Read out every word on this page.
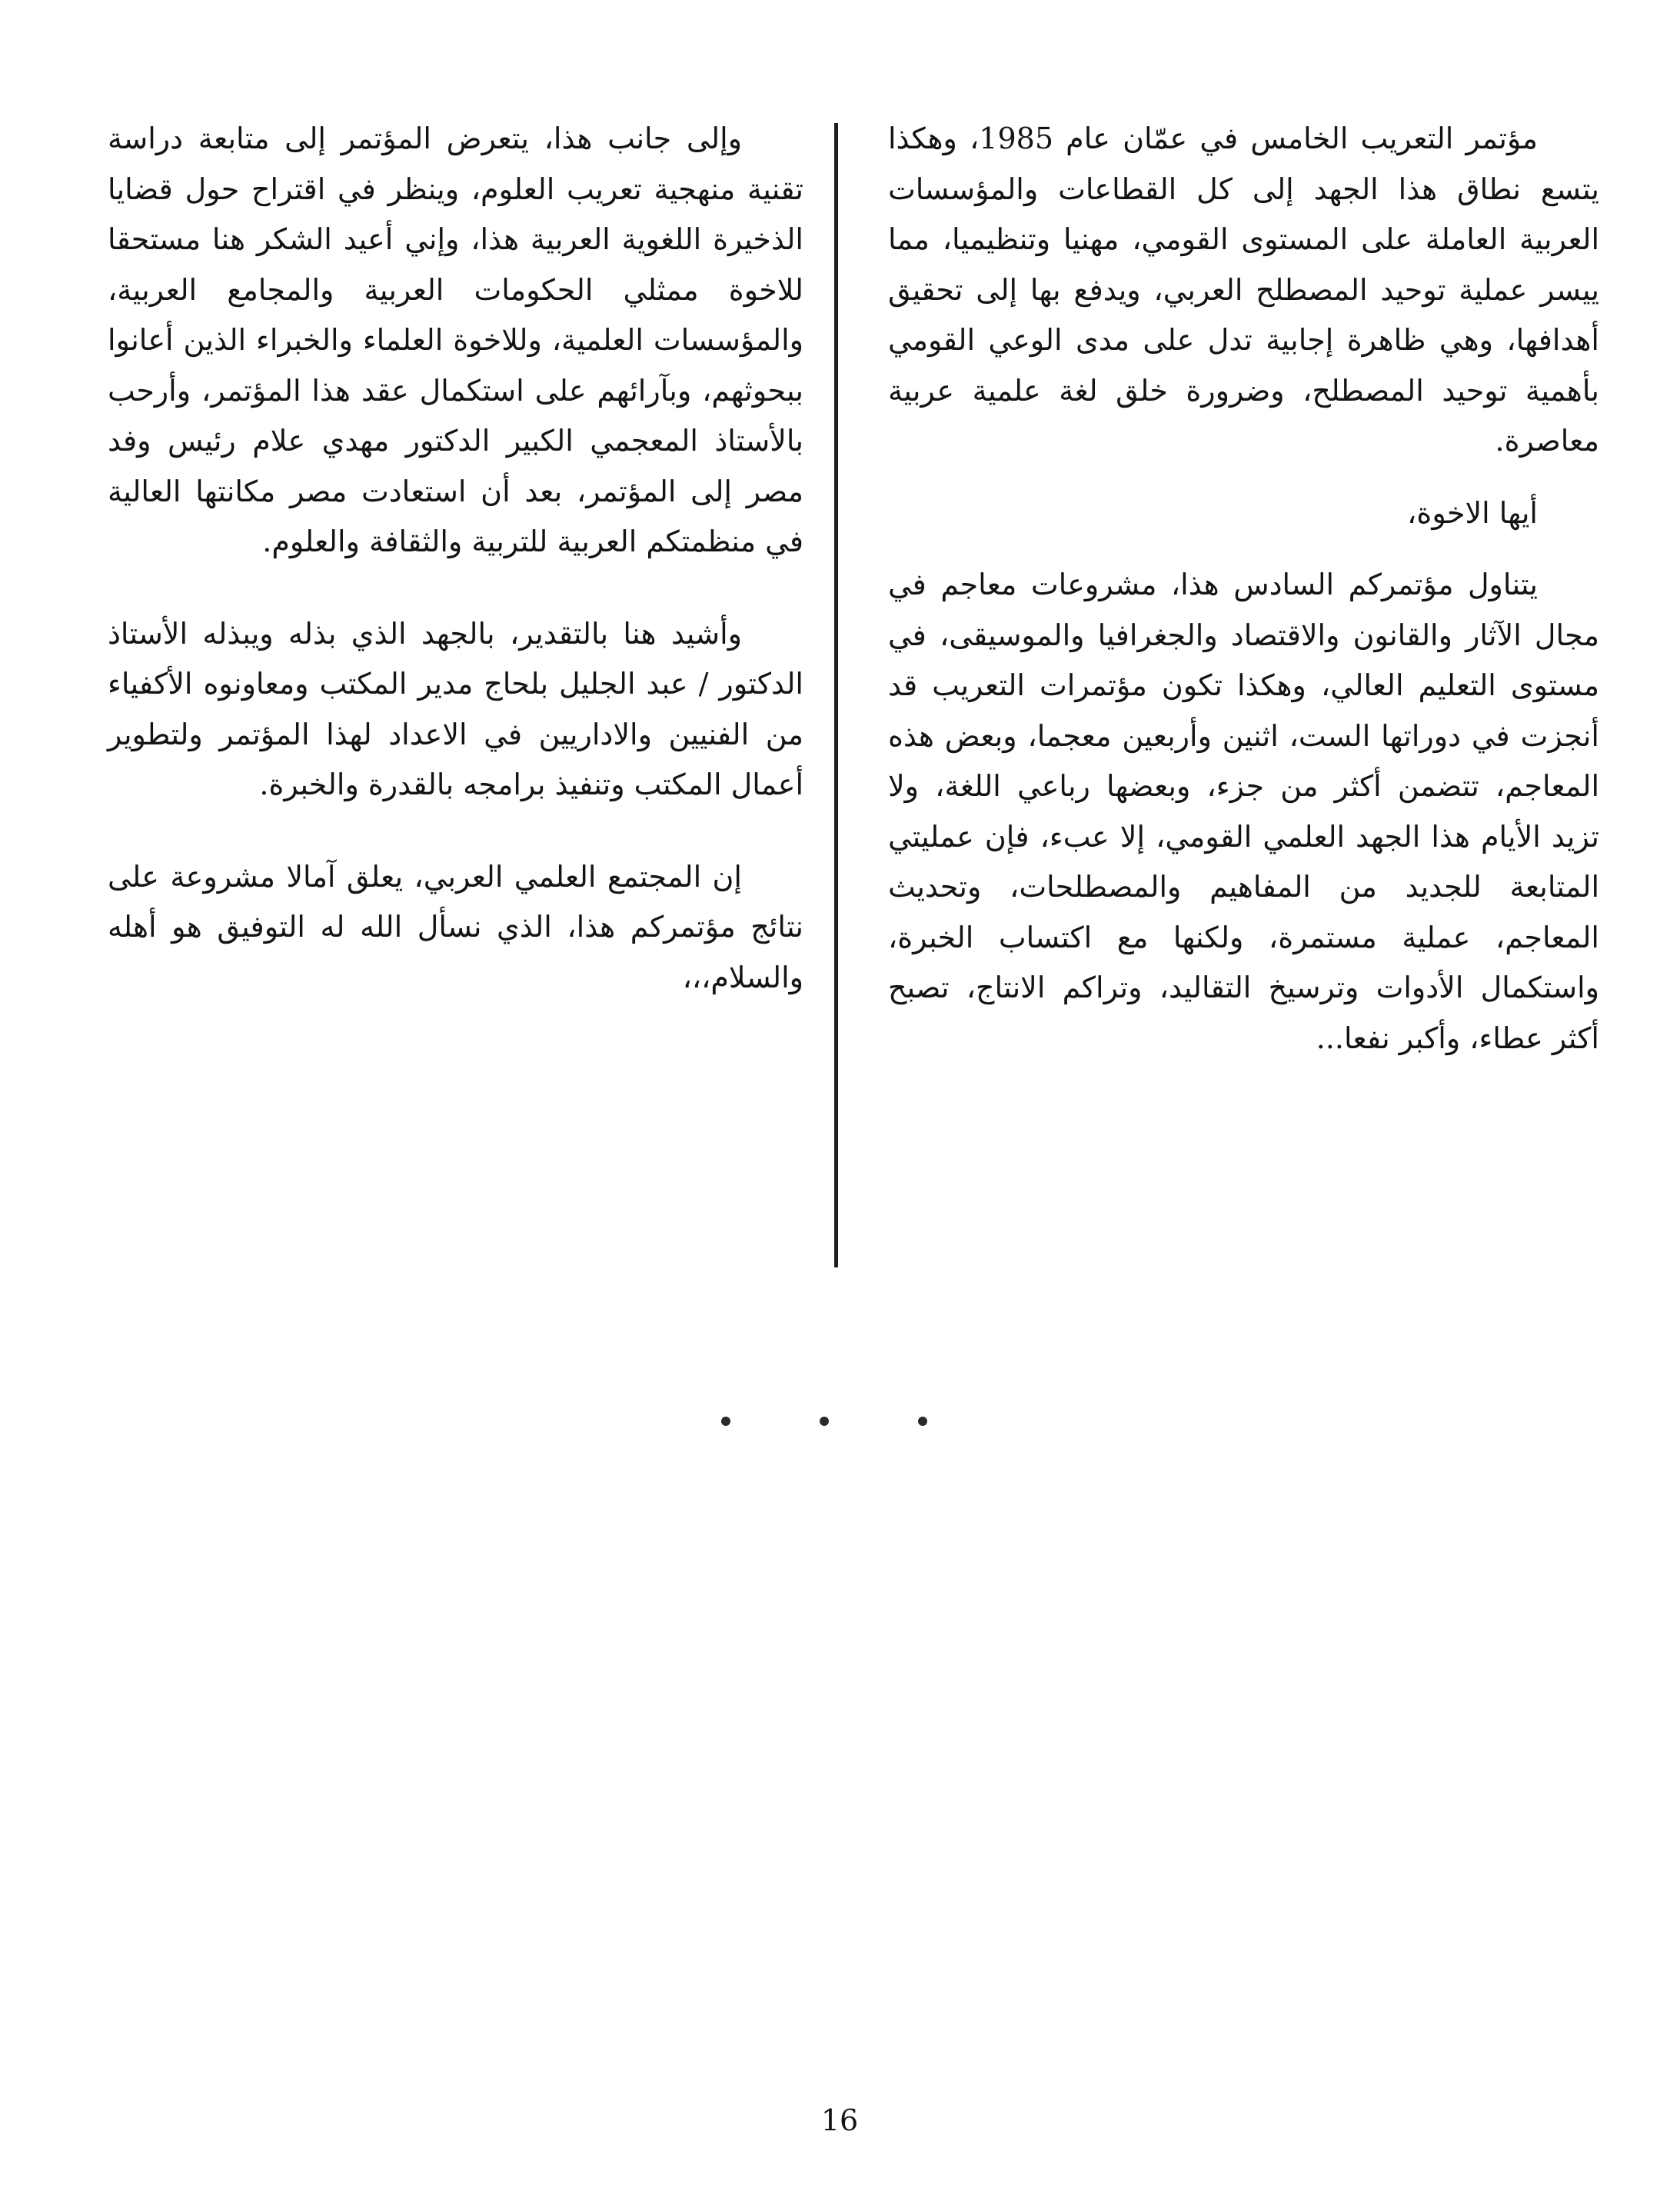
مؤتمر التعريب الخامس في عمّان عام 1985، وهكذا يتسع نطاق هذا الجهد إلى كل القطاعات والمؤسسات العربية العاملة على المستوى القومي، مهنيا وتنظيميا، مما ييسر عملية توحيد المصطلح العربي، ويدفع بها إلى تحقيق أهدافها، وهي ظاهرة إجابية تدل على مدى الوعي القومي بأهمية توحيد المصطلح، وضرورة خلق لغة علمية عربية معاصرة.

أيها الاخوة،

يتناول مؤتمركم السادس هذا، مشروعات معاجم في مجال الآثار والقانون والاقتصاد والجغرافيا والموسيقى، في مستوى التعليم العالي، وهكذا تكون مؤتمرات التعريب قد أنجزت في دوراتها الست، اثنين وأربعين معجما، وبعض هذه المعاجم، تتضمن أكثر من جزء، وبعضها رباعي اللغة، ولا تزيد الأيام هذا الجهد العلمي القومي، إلا عبء، فإن عمليتي المتابعة للجديد من المفاهيم والمصطلحات، وتحديث المعاجم، عملية مستمرة، ولكنها مع اكتساب الخبرة، واستكمال الأدوات وترسيخ التقاليد، وتراكم الانتاج، تصبح أكثر عطاء، وأكبر نفعا...

وإلى جانب هذا، يتعرض المؤتمر إلى متابعة دراسة تقنية منهجية تعريب العلوم، وينظر في اقتراح حول قضايا الذخيرة اللغوية العربية هذا، وإني أعيد الشكر هنا مستحقا للاخوة ممثلي الحكومات العربية والمجامع العربية، والمؤسسات العلمية، وللاخوة العلماء والخبراء الذين أعانوا ببحوثهم، وبآرائهم على استكمال عقد هذا المؤتمر، وأرحب بالأستاذ المعجمي الكبير الدكتور مهدي علام رئيس وفد مصر إلى المؤتمر، بعد أن استعادت مصر مكانتها العالية في منظمتكم العربية للتربية والثقافة والعلوم.

وأشيد هنا بالتقدير، بالجهد الذي بذله ويبذله الأستاذ الدكتور / عبد الجليل بلحاج مدير المكتب ومعاونوه الأكفياء من الفنيين والاداريين في الاعداد لهذا المؤتمر ولتطوير أعمال المكتب وتنفيذ برامجه بالقدرة والخبرة.

إن المجتمع العلمي العربي، يعلق آمالا مشروعة على نتائج مؤتمركم هذا، الذي نسأل الله له التوفيق هو أهله والسلام،،،

16
